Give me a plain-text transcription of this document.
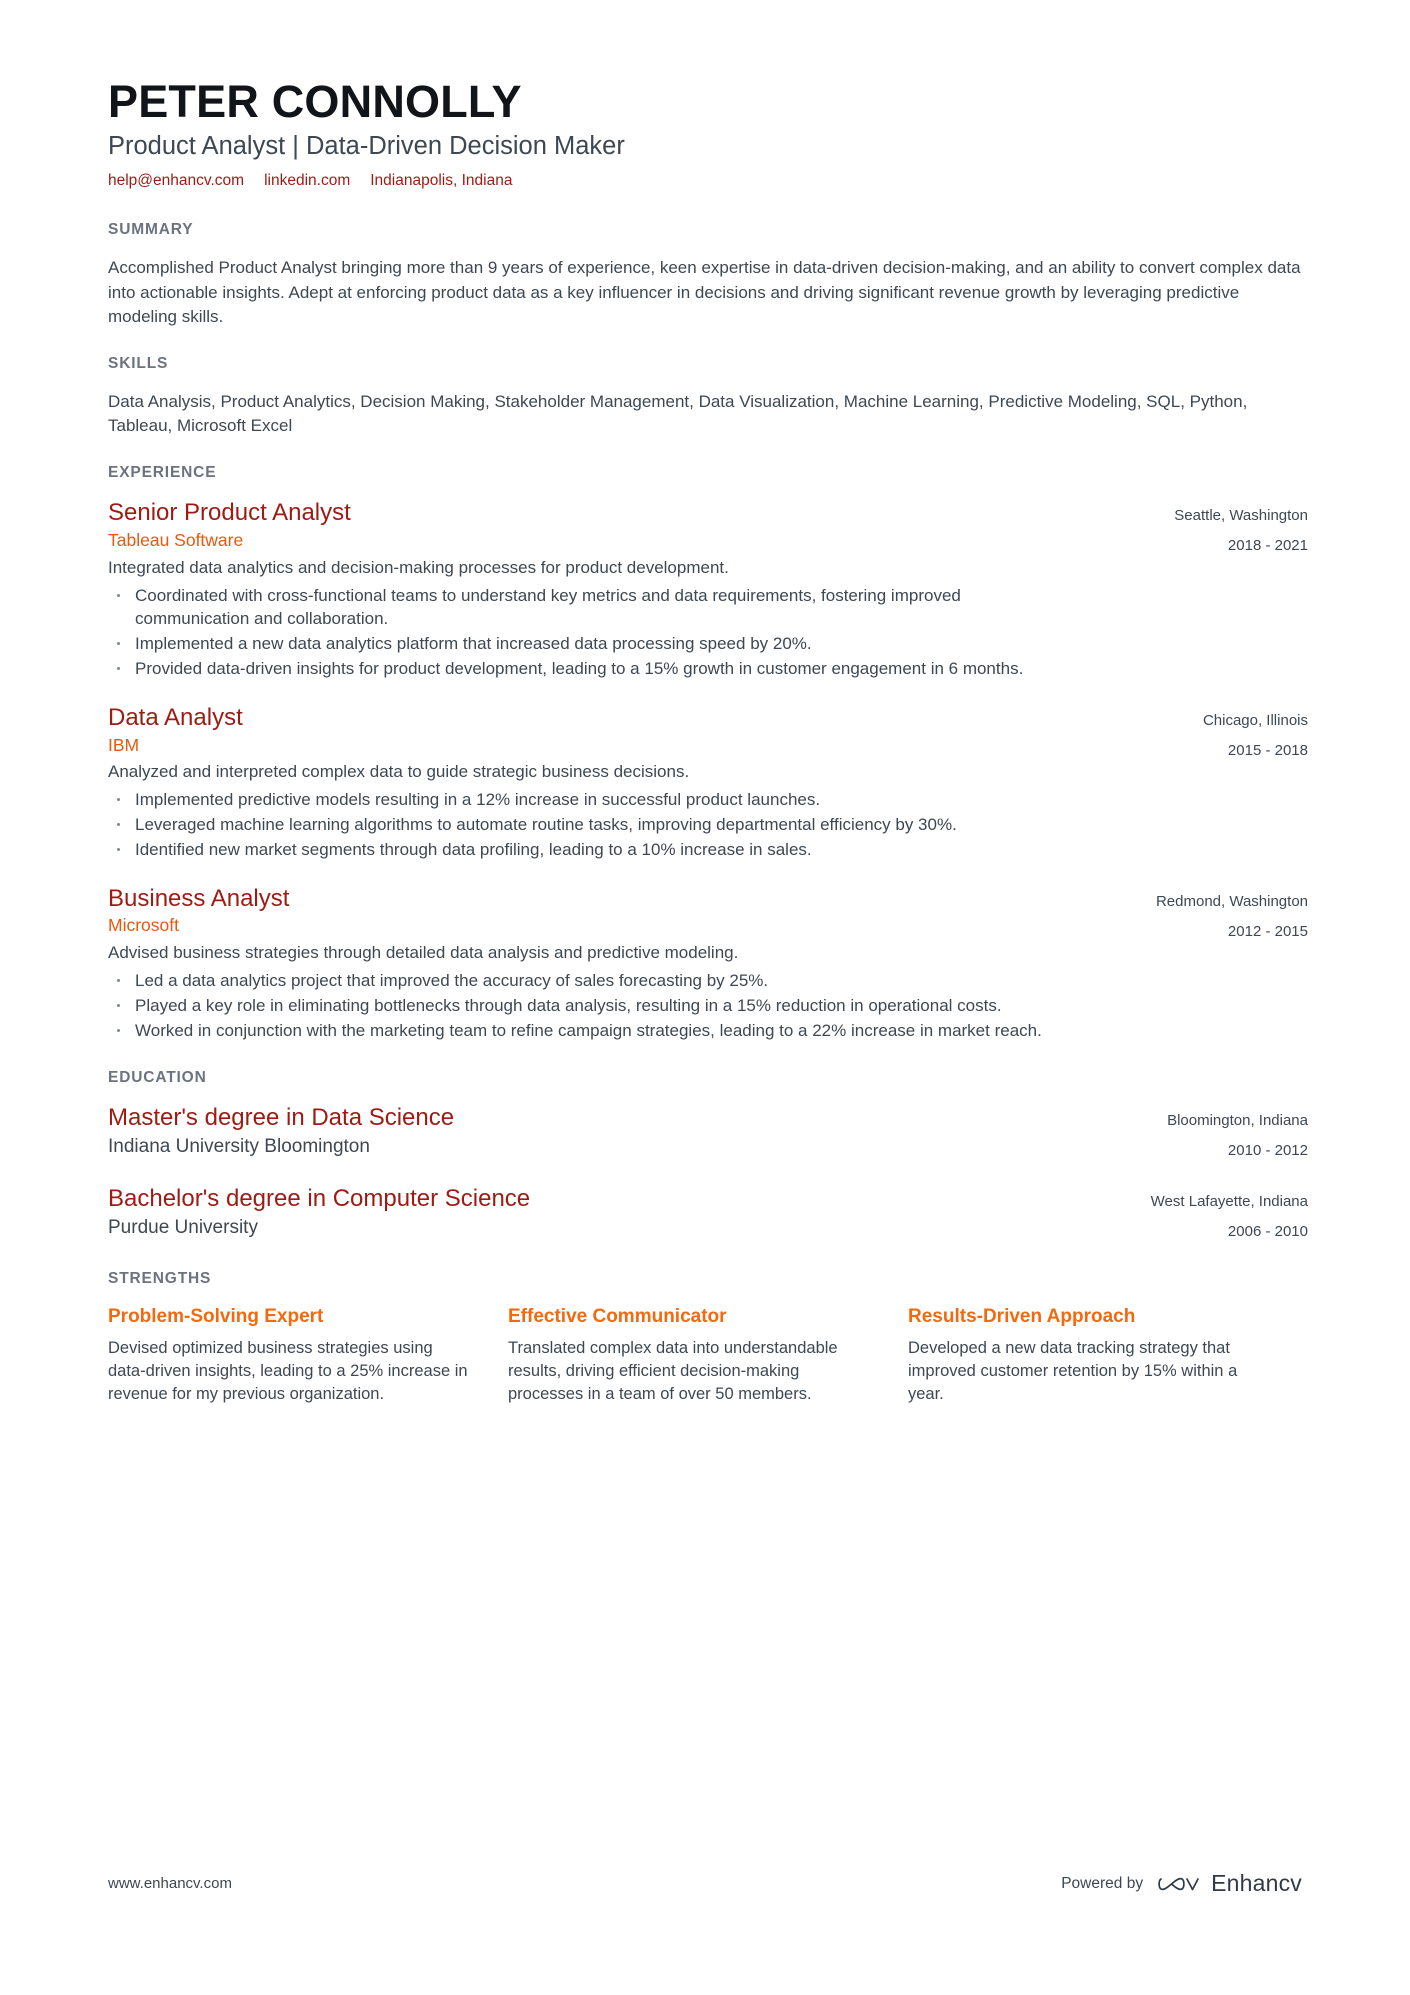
PETER CONNOLLY
Product Analyst | Data-Driven Decision Maker
help@enhancv.com linkedin.com Indianapolis, Indiana
SUMMARY
Accomplished Product Analyst bringing more than 9 years of experience, keen expertise in data-driven decision-making, and an ability to convert complex data into actionable insights. Adept at enforcing product data as a key influencer in decisions and driving significant revenue growth by leveraging predictive modeling skills.
SKILLS
Data Analysis, Product Analytics, Decision Making, Stakeholder Management, Data Visualization, Machine Learning, Predictive Modeling, SQL, Python, Tableau, Microsoft Excel
EXPERIENCE
Senior Product Analyst
Tableau Software
Integrated data analytics and decision-making processes for product development.
Coordinated with cross-functional teams to understand key metrics and data requirements, fostering improved communication and collaboration.
Implemented a new data analytics platform that increased data processing speed by 20%.
Provided data-driven insights for product development, leading to a 15% growth in customer engagement in 6 months.
Seattle, Washington
2018 - 2021
Data Analyst
IBM
Analyzed and interpreted complex data to guide strategic business decisions.
Implemented predictive models resulting in a 12% increase in successful product launches.
Leveraged machine learning algorithms to automate routine tasks, improving departmental efficiency by 30%.
Identified new market segments through data profiling, leading to a 10% increase in sales.
Chicago, Illinois
2015 - 2018
Business Analyst
Microsoft
Advised business strategies through detailed data analysis and predictive modeling.
Led a data analytics project that improved the accuracy of sales forecasting by 25%.
Played a key role in eliminating bottlenecks through data analysis, resulting in a 15% reduction in operational costs.
Worked in conjunction with the marketing team to refine campaign strategies, leading to a 22% increase in market reach.
Redmond, Washington
2012 - 2015
EDUCATION
Master's degree in Data Science
Indiana University Bloomington
Bloomington, Indiana
2010 - 2012
Bachelor's degree in Computer Science
Purdue University
West Lafayette, Indiana
2006 - 2010
STRENGTHS
Problem-Solving Expert
Devised optimized business strategies using data-driven insights, leading to a 25% increase in revenue for my previous organization.
Effective Communicator
Translated complex data into understandable results, driving efficient decision-making processes in a team of over 50 members.
Results-Driven Approach
Developed a new data tracking strategy that improved customer retention by 15% within a year.
www.enhancv.com	Powered by	Enhancv
